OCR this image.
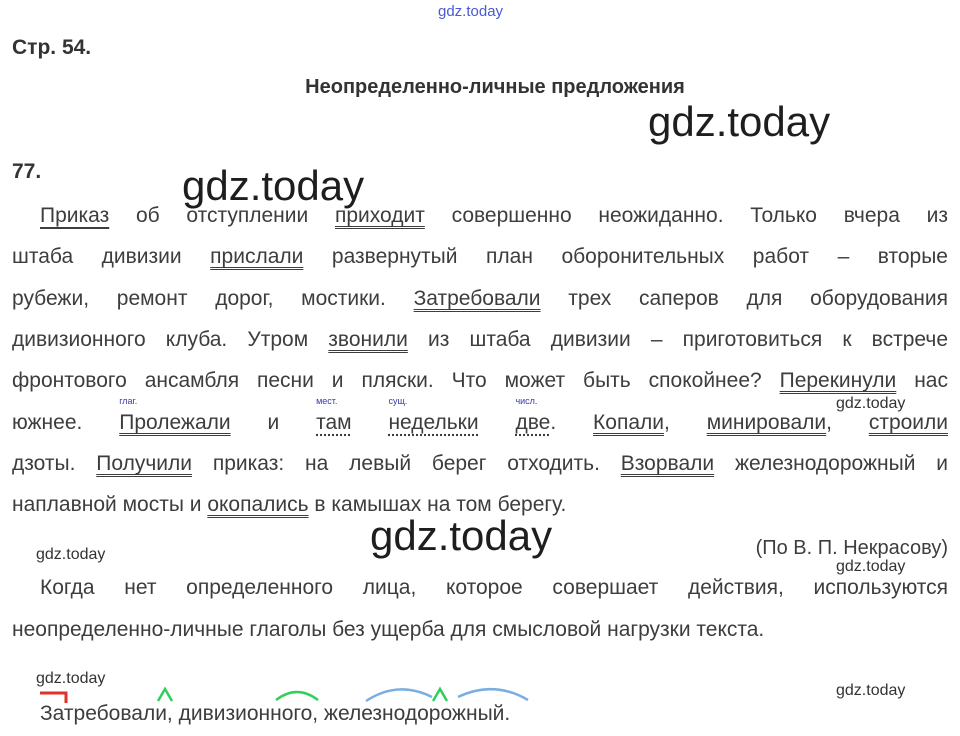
gdz.today
Стр. 54.
Неопределенно-личные предложения
gdz.today
77.	gdz.today
Приказ об отступлении приходит совершенно неожиданно. Только вчера из
штаба дивизии прислали развернутый план оборонительных работ – вторые
рубежи, ремонт дорог, мостики. Затребовали трех саперов для оборудования
дивизионного клуба. Утром звонили из штаба дивизии – приготовиться к встрече
фронтового ансамбля песни и пляски. Что может быть спокойнее? Перекинули нас
южнее.
глаг.
Пролежали и
мест.
там
сущ.
недельки
числ.
две. Копали, минировали, строили
дзоты. Получили приказ: на левый берег отходить. Взорвали железнодорожный и
наплавной мосты и окопались в камышах на том берегу.
gdz.today
gdz.today	(По В. П. Некрасову)
gdz.today
gdz.today
Когда нет определенного лица, которое совершает действия, используются
неопределенно-личные глаголы без ущерба для смысловой нагрузки текста.
gdz.today
gdz.today
Затребовали, дивизионного, железнодорожный.
